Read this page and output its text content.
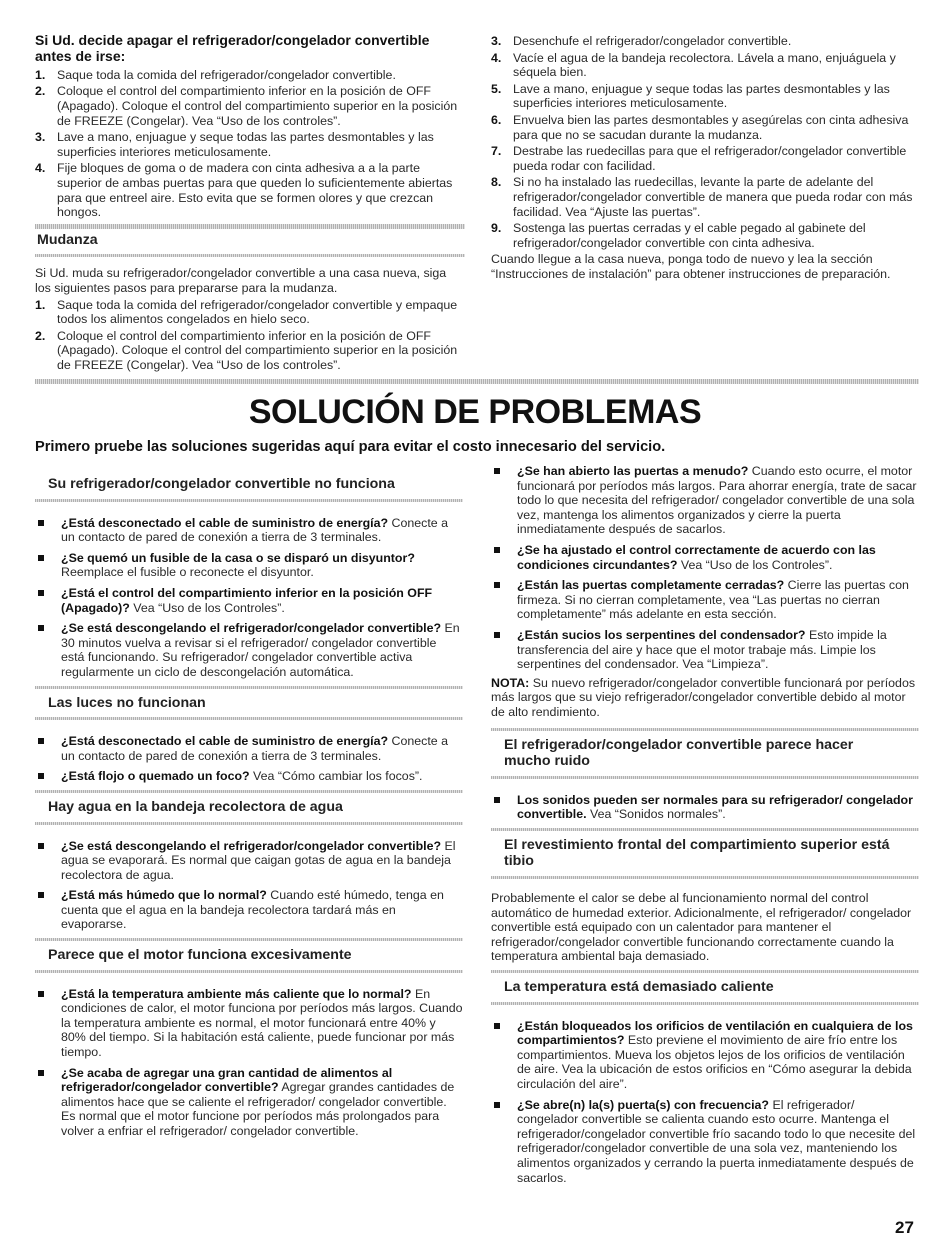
Si Ud. decide apagar el refrigerador/congelador convertible antes de irse:

1. Saque toda la comida del refrigerador/congelador convertible.
2. Coloque el control del compartimiento inferior en la posición de OFF (Apagado). Coloque el control del compartimiento superior en la posición de FREEZE (Congelar). Vea “Uso de los controles”.
3. Lave a mano, enjuague y seque todas las partes desmontables y las superficies interiores meticulosamente.
4. Fije bloques de goma o de madera con cinta adhesiva a a la parte superior de ambas puertas para que queden lo suficientemente abiertas para que entreel aire. Esto evita que se formen olores y que crezcan hongos.

Mudanza

Si Ud. muda su refrigerador/congelador convertible a una casa nueva, siga los siguientes pasos para prepararse para la mudanza.

1. Saque toda la comida del refrigerador/congelador convertible y empaque todos los alimentos congelados en hielo seco.
2. Coloque el control del compartimiento inferior en la posición de OFF (Apagado). Coloque el control del compartimiento superior en la posición de FREEZE (Congelar). Vea “Uso de los controles”.
3. Desenchufe el refrigerador/congelador convertible.
4. Vacíe el agua de la bandeja recolectora. Lávela a mano, enjuáguela y séquela bien.
5. Lave a mano, enjuague y seque todas las partes desmontables y las superficies interiores meticulosamente.
6. Envuelva bien las partes desmontables y asegúrelas con cinta adhesiva para que no se sacudan durante la mudanza.
7. Destrabe las ruedecillas para que el refrigerador/congelador convertible pueda rodar con facilidad.
8. Si no ha instalado las ruedecillas, levante la parte de adelante del refrigerador/congelador convertible de manera que pueda rodar con más facilidad. Vea “Ajuste las puertas”.
9. Sostenga las puertas cerradas y el cable pegado al gabinete del refrigerador/congelador convertible con cinta adhesiva.

Cuando llegue a la casa nueva, ponga todo de nuevo y lea la sección “Instrucciones de instalación” para obtener instrucciones de preparación.

SOLUCIÓN DE PROBLEMAS

Primero pruebe las soluciones sugeridas aquí para evitar el costo innecesario del servicio.

Su refrigerador/congelador convertible no funciona

¿Está desconectado el cable de suministro de energía? Conecte a un contacto de pared de conexión a tierra de 3 terminales.
¿Se quemó un fusible de la casa o se disparó un disyuntor? Reemplace el fusible o reconecte el disyuntor.
¿Está el control del compartimiento inferior en la posición OFF (Apagado)? Vea “Uso de los Controles”.
¿Se está descongelando el refrigerador/congelador convertible? En 30 minutos vuelva a revisar si el refrigerador/ congelador convertible está funcionando. Su refrigerador/ congelador convertible activa regularmente un ciclo de descongelación automática.

Las luces no funcionan

¿Está desconectado el cable de suministro de energía? Conecte a un contacto de pared de conexión a tierra de 3 terminales.
¿Está flojo o quemado un foco? Vea “Cómo cambiar los focos”.

Hay agua en la bandeja recolectora de agua

¿Se está descongelando el refrigerador/congelador convertible? El agua se evaporará. Es normal que caigan gotas de agua en la bandeja recolectora de agua.
¿Está más húmedo que lo normal? Cuando esté húmedo, tenga en cuenta que el agua en la bandeja recolectora tardará más en evaporarse.

Parece que el motor funciona excesivamente

¿Está la temperatura ambiente más caliente que lo normal? En condiciones de calor, el motor funciona por períodos más largos. Cuando la temperatura ambiente es normal, el motor funcionará entre 40% y 80% del tiempo. Si la habitación está caliente, puede funcionar por más tiempo.
¿Se acaba de agregar una gran cantidad de alimentos al refrigerador/congelador convertible? Agregar grandes cantidades de alimentos hace que se caliente el refrigerador/ congelador convertible. Es normal que el motor funcione por períodos más prolongados para volver a enfriar el refrigerador/ congelador convertible.
¿Se han abierto las puertas a menudo? Cuando esto ocurre, el motor funcionará por períodos más largos. Para ahorrar energía, trate de sacar todo lo que necesita del refrigerador/ congelador convertible de una sola vez, mantenga los alimentos organizados y cierre la puerta inmediatamente después de sacarlos.
¿Se ha ajustado el control correctamente de acuerdo con las condiciones circundantes? Vea “Uso de los Controles”.
¿Están las puertas completamente cerradas? Cierre las puertas con firmeza. Si no cierran completamente, vea “Las puertas no cierran completamente” más adelante en esta sección.
¿Están sucios los serpentines del condensador? Esto impide la transferencia del aire y hace que el motor trabaje más. Limpie los serpentines del condensador. Vea “Limpieza”.

NOTA: Su nuevo refrigerador/congelador convertible funcionará por períodos más largos que su viejo refrigerador/congelador convertible debido al motor de alto rendimiento.

El refrigerador/congelador convertible parece hacer mucho ruido

Los sonidos pueden ser normales para su refrigerador/ congelador convertible. Vea “Sonidos normales”.

El revestimiento frontal del compartimiento superior está tibio

Probablemente el calor se debe al funcionamiento normal del control automático de humedad exterior. Adicionalmente, el refrigerador/ congelador convertible está equipado con un calentador para mantener el refrigerador/congelador convertible funcionando correctamente cuando la temperatura ambiental baja demasiado.

La temperatura está demasiado caliente

¿Están bloqueados los orificios de ventilación en cualquiera de los compartimientos? Esto previene el movimiento de aire frío entre los compartimientos. Mueva los objetos lejos de los orificios de ventilación de aire. Vea la ubicación de estos orificios en “Cómo asegurar la debida circulación del aire”.
¿Se abre(n) la(s) puerta(s) con frecuencia? El refrigerador/ congelador convertible se calienta cuando esto ocurre. Mantenga el refrigerador/congelador convertible frío sacando todo lo que necesite del refrigerador/congelador convertible de una sola vez, manteniendo los alimentos organizados y cerrando la puerta inmediatamente después de sacarlos.
27
